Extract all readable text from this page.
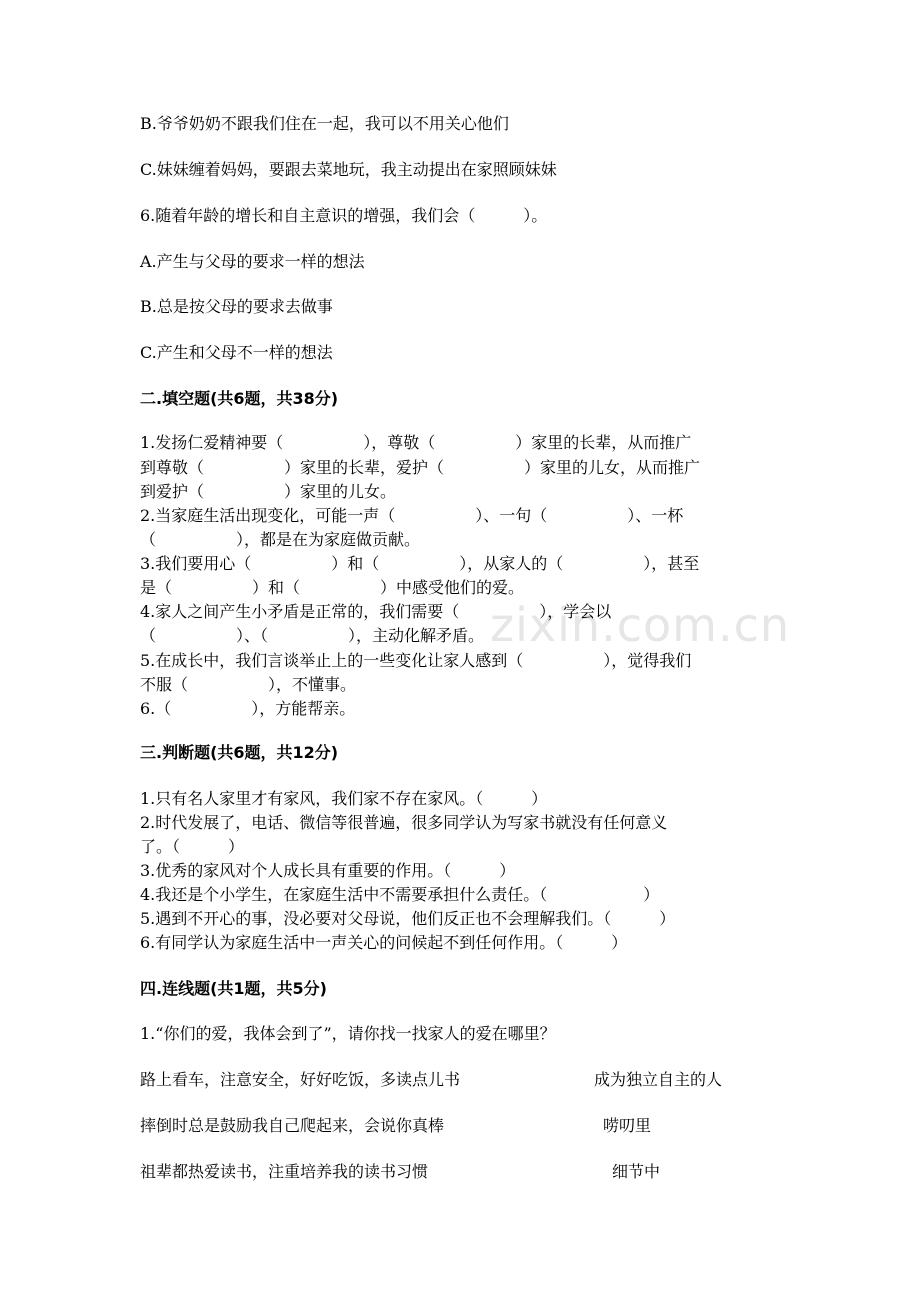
zixin.com.cn
B.爷爷奶奶不跟我们住在一起，我可以不用关心他们
C.妹妹缠着妈妈，要跟去菜地玩，我主动提出在家照顾妹妹
6.随着年龄的增长和自主意识的增强，我们会（　　　）。
A.产生与父母的要求一样的想法
B.总是按父母的要求去做事
C.产生和父母不一样的想法
二.填空题(共6题，共38分)
1.发扬仁爱精神要（　　　　　），尊敬（　　　　　）家里的长辈，从而推广
到尊敬（　　　　　）家里的长辈，爱护（　　　　　）家里的儿女，从而推广
到爱护（　　　　　）家里的儿女。
2.当家庭生活出现变化，可能一声（　　　　　）、一句（　　　　　）、一杯
（　　　　　），都是在为家庭做贡献。
3.我们要用心（　　　　　）和（　　　　　），从家人的（　　　　　），甚至
是（　　　　　）和（　　　　　）中感受他们的爱。
4.家人之间产生小矛盾是正常的，我们需要（　　　　　），学会以
（　　　　　）、（　　　　　），主动化解矛盾。
5.在成长中，我们言谈举止上的一些变化让家人感到（　　　　　），觉得我们
不服（　　　　　），不懂事。
6.（　　　　　），方能帮亲。
三.判断题(共6题，共12分)
1.只有名人家里才有家风，我们家不存在家风。（　　　）
2.时代发展了，电话、微信等很普遍，很多同学认为写家书就没有任何意义
了。（　　　）
3.优秀的家风对个人成长具有重要的作用。（　　　）
4.我还是个小学生，在家庭生活中不需要承担什么责任。（　　　　　　）
5.遇到不开心的事，没必要对父母说，他们反正也不会理解我们。（　　　）
6.有同学认为家庭生活中一声关心的问候起不到任何作用。（　　　）
四.连线题(共1题，共5分)
1.“你们的爱，我体会到了”，请你找一找家人的爱在哪里？
路上看车，注意安全，好好吃饭，多读点儿书	成为独立自主的人
摔倒时总是鼓励我自己爬起来，会说你真棒	唠叨里
祖辈都热爱读书，注重培养我的读书习惯	细节中
